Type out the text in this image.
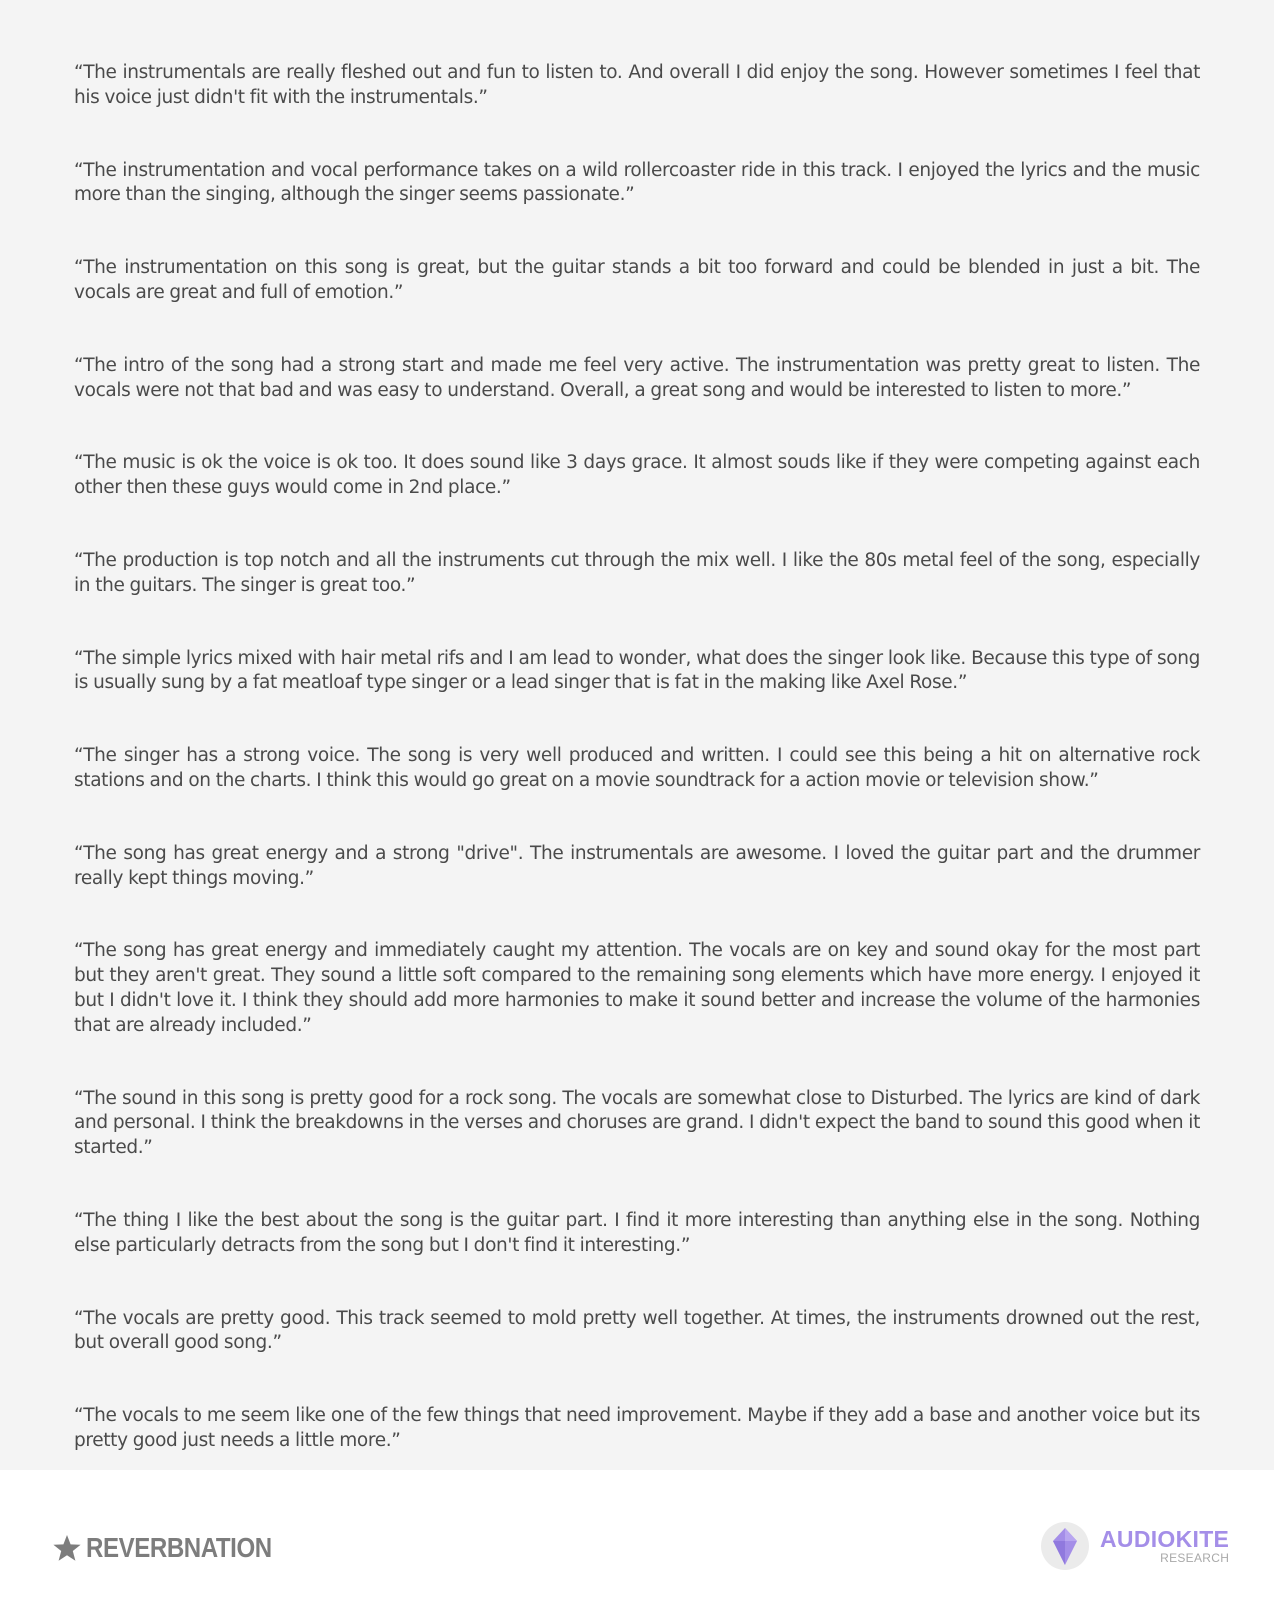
“The instrumentals are really fleshed out and fun to listen to. And overall I did enjoy the song. However sometimes I feel that his voice just didn't fit with the instrumentals.”

“The instrumentation and vocal performance takes on a wild rollercoaster ride in this track. I enjoyed the lyrics and the music more than the singing, although the singer seems passionate.”

“The instrumentation on this song is great, but the guitar stands a bit too forward and could be blended in just a bit. The vocals are great and full of emotion.”

“The intro of the song had a strong start and made me feel very active. The instrumentation was pretty great to listen. The vocals were not that bad and was easy to understand. Overall, a great song and would be interested to listen to more.”

“The music is ok the voice is ok too. It does sound like 3 days grace. It almost souds like if they were competing against each other then these guys would come in 2nd place.”

“The production is top notch and all the instruments cut through the mix well. I like the 80s metal feel of the song, especially in the guitars. The singer is great too.”

“The simple lyrics mixed with hair metal rifs and I am lead to wonder, what does the singer look like. Because this type of song is usually sung by a fat meatloaf type singer or a lead singer that is fat in the making like Axel Rose.”

“The singer has a strong voice. The song is very well produced and written. I could see this being a hit on alternative rock stations and on the charts. I think this would go great on a movie soundtrack for a action movie or television show.”

“The song has great energy and a strong "drive". The instrumentals are awesome. I loved the guitar part and the drummer really kept things moving.”

“The song has great energy and immediately caught my attention. The vocals are on key and sound okay for the most part but they aren't great. They sound a little soft compared to the remaining song elements which have more energy. I enjoyed it but I didn't love it. I think they should add more harmonies to make it sound better and increase the volume of the harmonies that are already included.”

“The sound in this song is pretty good for a rock song. The vocals are somewhat close to Disturbed. The lyrics are kind of dark and personal. I think the breakdowns in the verses and choruses are grand. I didn't expect the band to sound this good when it started.”

“The thing I like the best about the song is the guitar part. I find it more interesting than anything else in the song. Nothing else particularly detracts from the song but I don't find it interesting.”

“The vocals are pretty good. This track seemed to mold pretty well together. At times, the instruments drowned out the rest, but overall good song.”

“The vocals to me seem like one of the few things that need improvement. Maybe if they add a base and another voice but its pretty good just needs a little more.”

REVERBNATION	AUDIOKITE
RESEARCH
